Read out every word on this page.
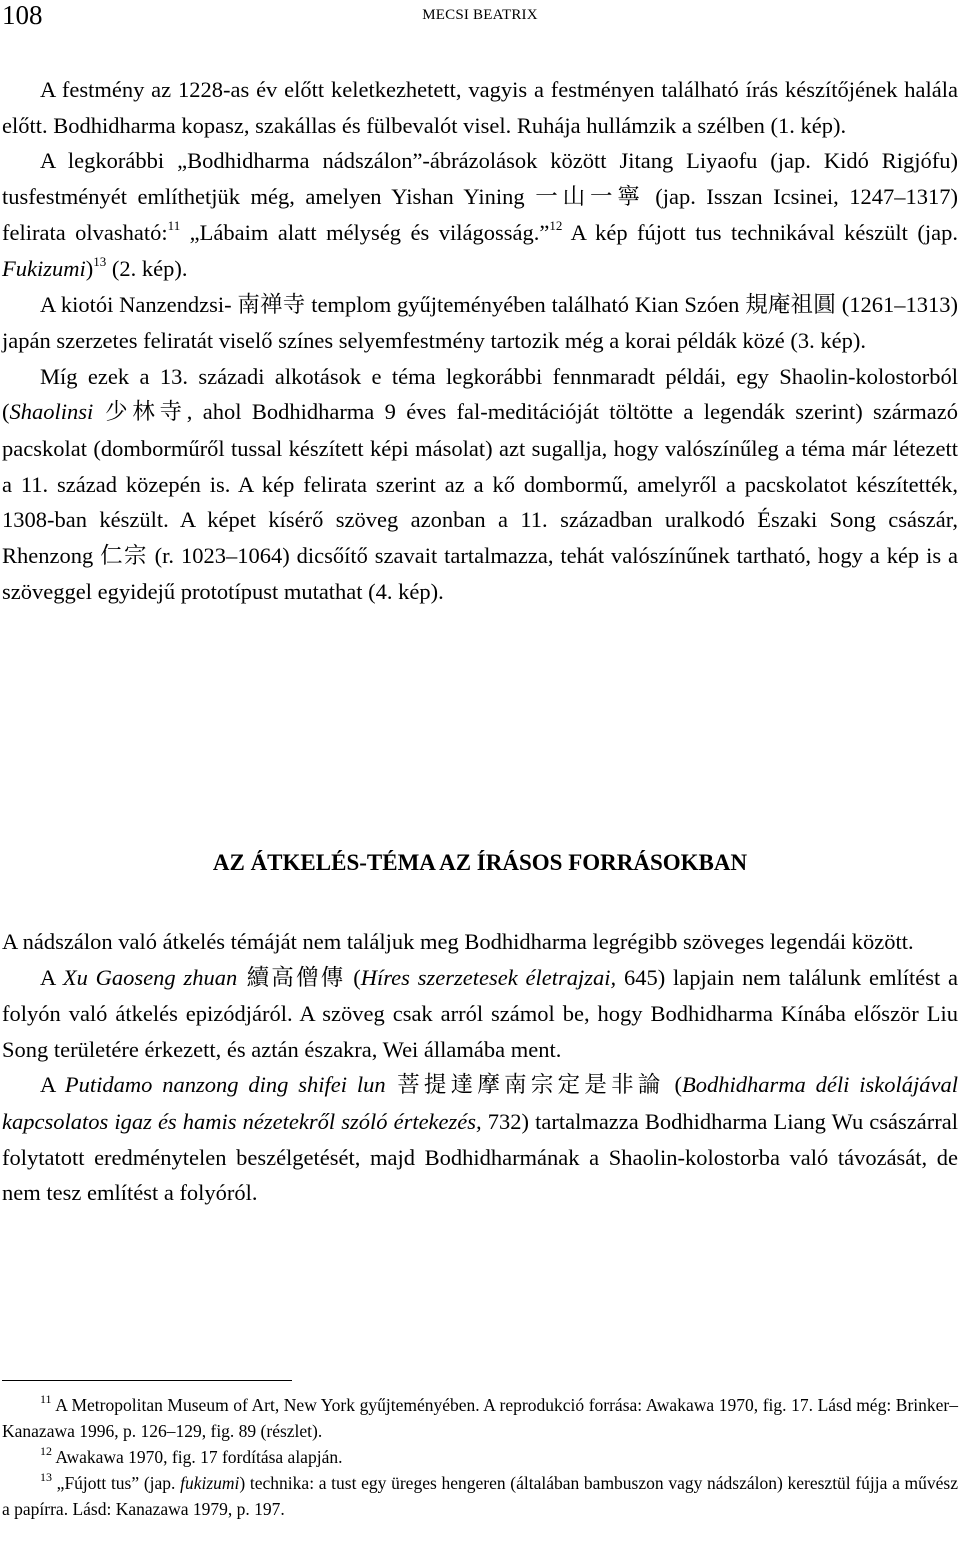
108	MECSI BEATRIX

A festmény az 1228-as év előtt keletkezhetett, vagyis a festményen található írás készítőjének halála előtt. Bodhidharma kopasz, szakállas és fülbevalót visel. Ruhája hullámzik a szélben (1. kép).

A legkorábbi „Bodhidharma nádszálon”-ábrázolások között Jitang Liyaofu (jap. Kidó Rigjófu) tusfestményét említhetjük még, amelyen Yishan Yining 一山一寧 (jap. Isszan Icsinei, 1247–1317) felirata olvasható:$^{11}$ „Lábaim alatt mélység és világosság.”$^{12}$ A kép fújott tus technikával készült (jap. Fukizumi)$^{13}$ (2. kép).

A kiotói Nanzendzsi- 南禅寺 templom gyűjteményében található Kian Szóen 規庵祖圓 (1261–1313) japán szerzetes feliratát viselő színes selyemfestmény tartozik még a korai példák közé (3. kép).

Míg ezek a 13. századi alkotások e téma legkorábbi fennmaradt példái, egy Shaolin-kolostorból (Shaolinsi 少林寺, ahol Bodhidharma 9 éves fal-meditációját töltötte a legendák szerint) származó pacskolat (domborműről tussal készített képi másolat) azt sugallja, hogy valószínűleg a téma már létezett a 11. század közepén is. A kép felirata szerint az a kő dombormű, amelyről a pacskolatot készítették, 1308-ban készült. A képet kísérő szöveg azonban a 11. században uralkodó Északi Song császár, Rhenzong 仁宗 (r. 1023–1064) dicsőítő szavait tartalmazza, tehát valószínűnek tartható, hogy a kép is a szöveggel egyidejű prototípust mutathat (4. kép).

AZ ÁTKELÉS-TÉMA AZ ÍRÁSOS FORRÁSOKBAN

A nádszálon való átkelés témáját nem találjuk meg Bodhidharma legrégibb szöveges legendái között.

A Xu Gaoseng zhuan 續高僧傳 (Híres szerzetesek életrajzai, 645) lapjain nem találunk említést a folyón való átkelés epizódjáról. A szöveg csak arról számol be, hogy Bodhidharma Kínába először Liu Song területére érkezett, és aztán északra, Wei államába ment.

A Putidamo nanzong ding shifei lun 菩提達摩南宗定是非論 (Bodhidharma déli iskolájával kapcsolatos igaz és hamis nézetekről szóló értekezés, 732) tartalmazza Bodhidharma Liang Wu császárral folytatott eredménytelen beszélgetését, majd Bodhidharmának a Shaolin-kolostorba való távozását, de nem tesz említést a folyóról.

$^{11}$ A Metropolitan Museum of Art, New York gyűjteményében. A reprodukció forrása: Awakawa 1970, fig. 17. Lásd még: Brinker–Kanazawa 1996, p. 126–129, fig. 89 (részlet).

$^{12}$ Awakawa 1970, fig. 17 fordítása alapján.

$^{13}$ „Fújott tus” (jap. fukizumi) technika: a tust egy üreges hengeren (általában bambuszon vagy nádszálon) keresztül fújja a művész a papírra. Lásd: Kanazawa 1979, p. 197.
